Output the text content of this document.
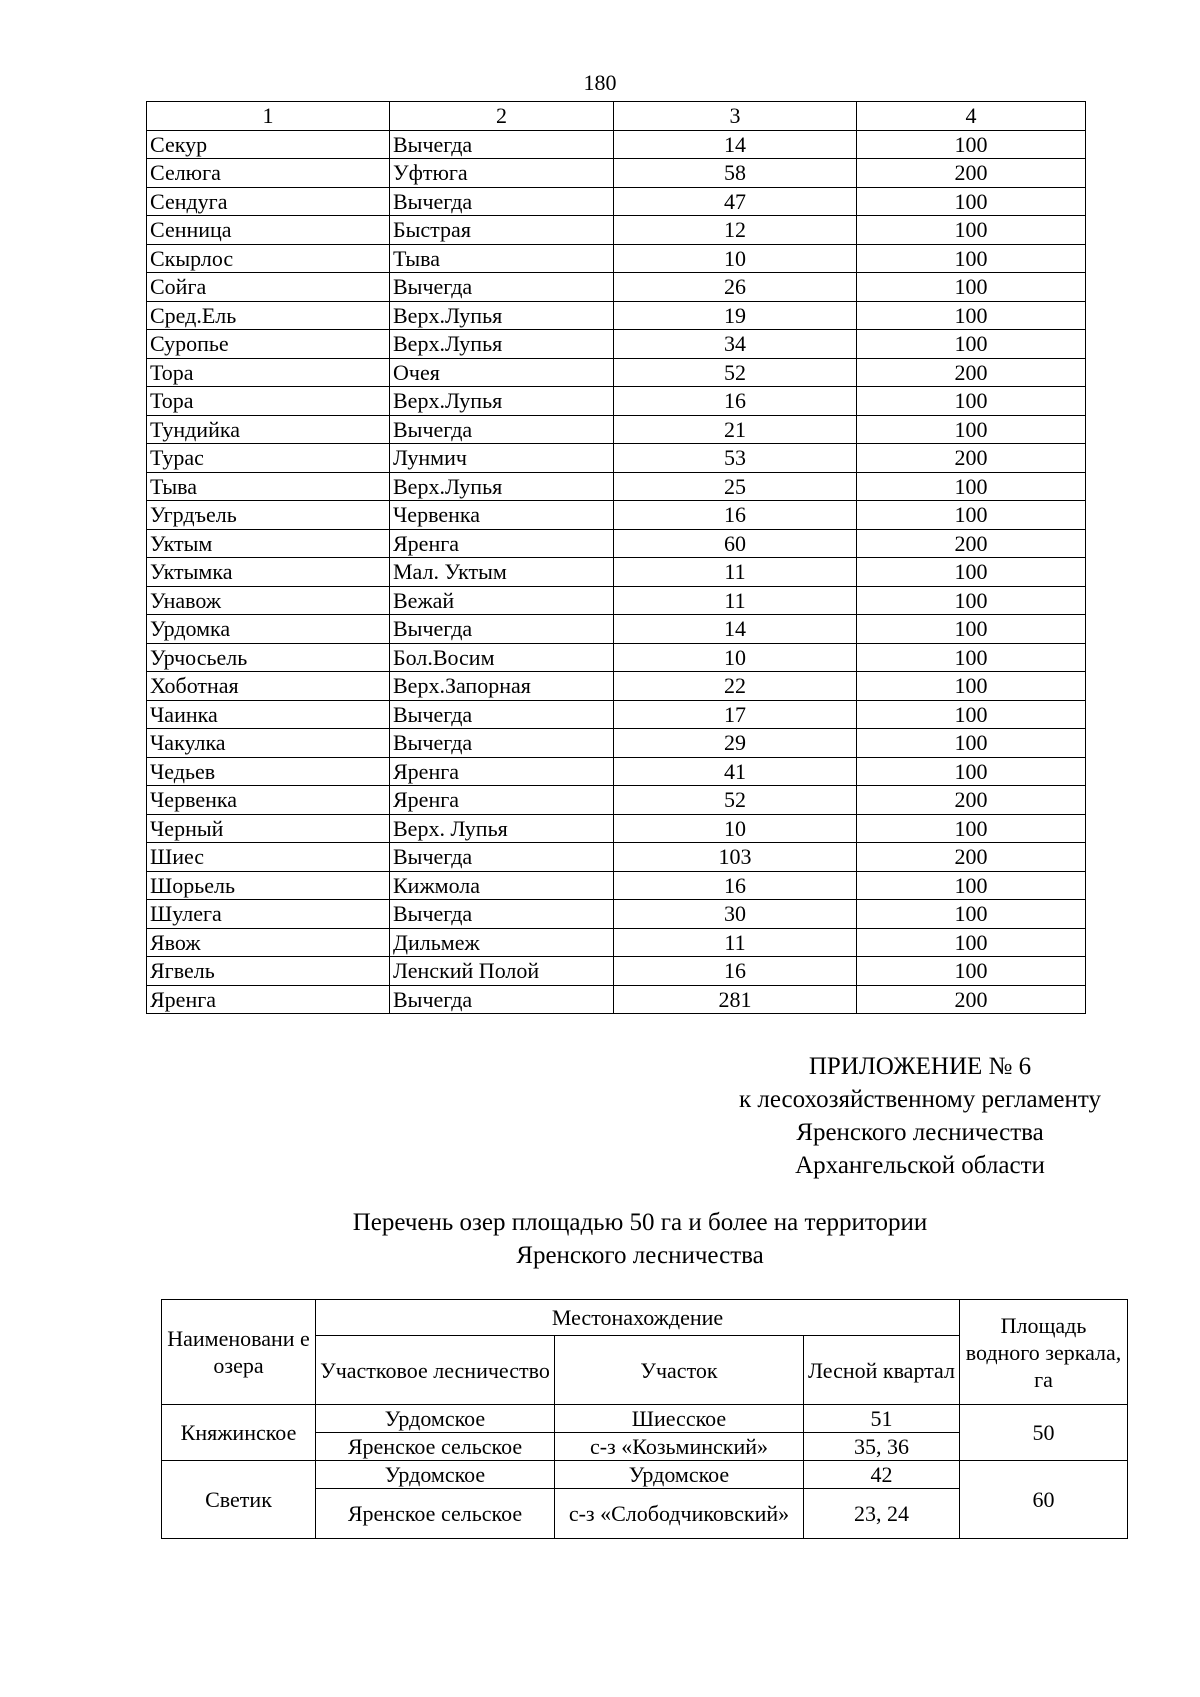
180
1	2	3	4
Секур	Вычегда	14	100
Селюга	Уфтюга	58	200
Сендуга	Вычегда	47	100
Сенница	Быстрая	12	100
Скырлос	Тыва	10	100
Сойга	Вычегда	26	100
Сред.Ель	Верх.Лупья	19	100
Суропье	Верх.Лупья	34	100
Тора	Очея	52	200
Тора	Верх.Лупья	16	100
Тундийка	Вычегда	21	100
Турас	Лунмич	53	200
Тыва	Верх.Лупья	25	100
Угрдъель	Червенка	16	100
Уктым	Яренга	60	200
Уктымка	Мал. Уктым	11	100
Унавож	Вежай	11	100
Урдомка	Вычегда	14	100
Урчосьель	Бол.Восим	10	100
Хоботная	Верх.Запорная	22	100
Чаинка	Вычегда	17	100
Чакулка	Вычегда	29	100
Чедьев	Яренга	41	100
Червенка	Яренга	52	200
Черный	Верх. Лупья	10	100
Шиес	Вычегда	103	200
Шорьель	Кижмола	16	100
Шулега	Вычегда	30	100
Явож	Дильмеж	11	100
Ягвель	Ленский Полой	16	100
Яренга	Вычегда	281	200
ПРИЛОЖЕНИЕ № 6
к лесохозяйственному регламенту
Яренского лесничества
Архангельской области
Перечень озер площадью 50 га и более на территории
Яренского лесничества
Наименовани е озера	Местонахождение			Площадь водного зеркала, га
	Участковое лесничество	Участок	Лесной квартал	
Княжинское	Урдомское	Шиесское	51	50
	Яренское сельское	с-з «Козьминский»	35, 36	
Светик	Урдомское	Урдомское	42	60
	Яренское сельское	с-з «Слободчиковский»	23, 24	
